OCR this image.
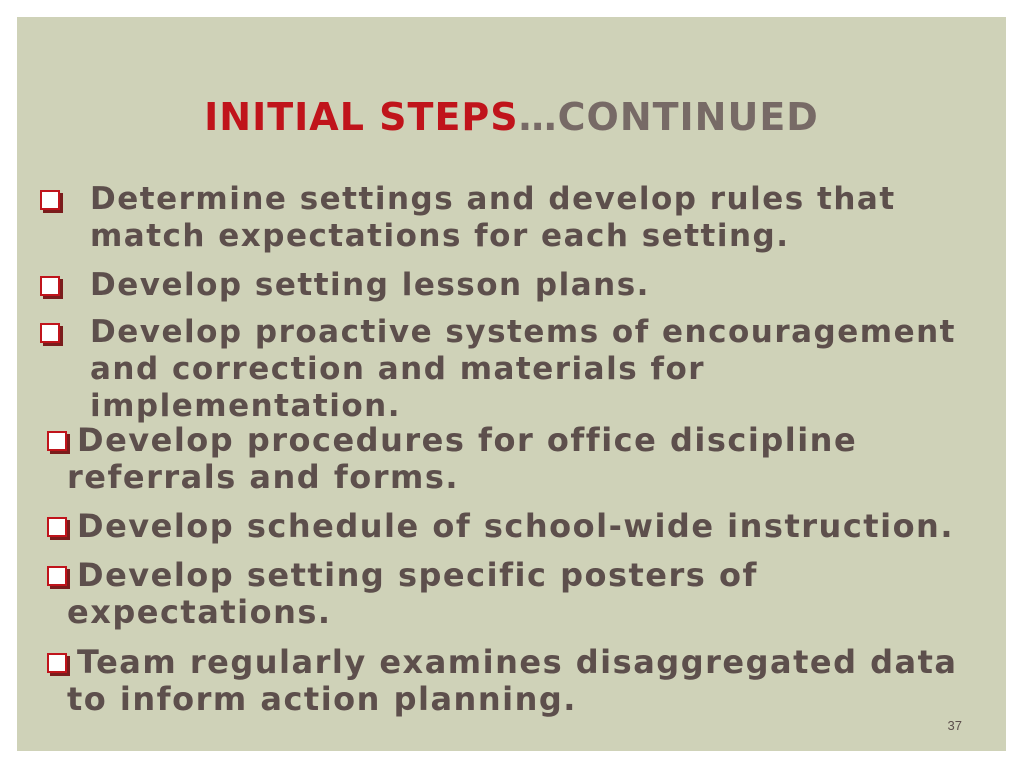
INITIAL STEPS…CONTINUED
Determine settings and develop rules that match expectations for each setting.
Develop setting lesson plans.
Develop proactive systems of encouragement and correction and materials for implementation.
Develop procedures for office discipline referrals and forms.
Develop schedule of school-wide instruction.
Develop setting specific posters of expectations.
Team regularly examines disaggregated data to inform action planning.
37
